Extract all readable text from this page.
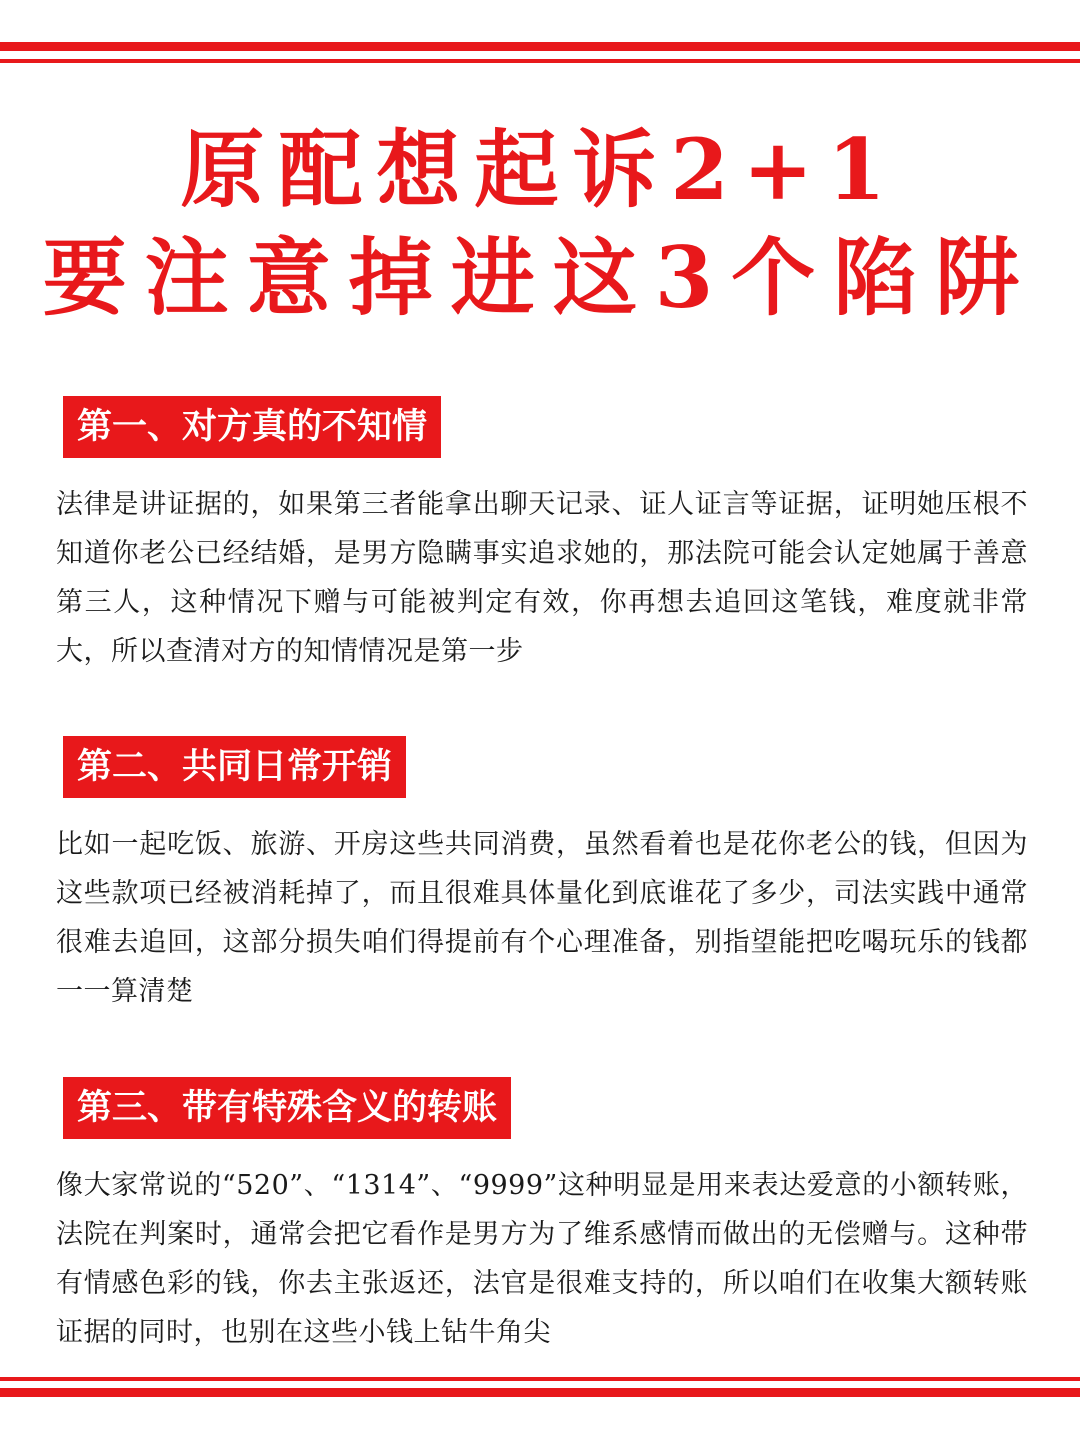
原配想起诉2+1
要注意掉进这3个陷阱
第一、对方真的不知情
法律是讲证据的，如果第三者能拿出聊天记录、证人证言等证据，证明她压根不知道你老公已经结婚，是男方隐瞒事实追求她的，那法院可能会认定她属于善意第三人，这种情况下赠与可能被判定有效，你再想去追回这笔钱，难度就非常大，所以查清对方的知情情况是第一步
第二、共同日常开销
比如一起吃饭、旅游、开房这些共同消费，虽然看着也是花你老公的钱，但因为这些款项已经被消耗掉了，而且很难具体量化到底谁花了多少，司法实践中通常很难去追回，这部分损失咱们得提前有个心理准备，别指望能把吃喝玩乐的钱都一一算清楚
第三、带有特殊含义的转账
像大家常说的“520”、“1314”、“9999”这种明显是用来表达爱意的小额转账，法院在判案时，通常会把它看作是男方为了维系感情而做出的无偿赠与。这种带有情感色彩的钱，你去主张返还，法官是很难支持的，所以咱们在收集大额转账证据的同时，也别在这些小钱上钻牛角尖
